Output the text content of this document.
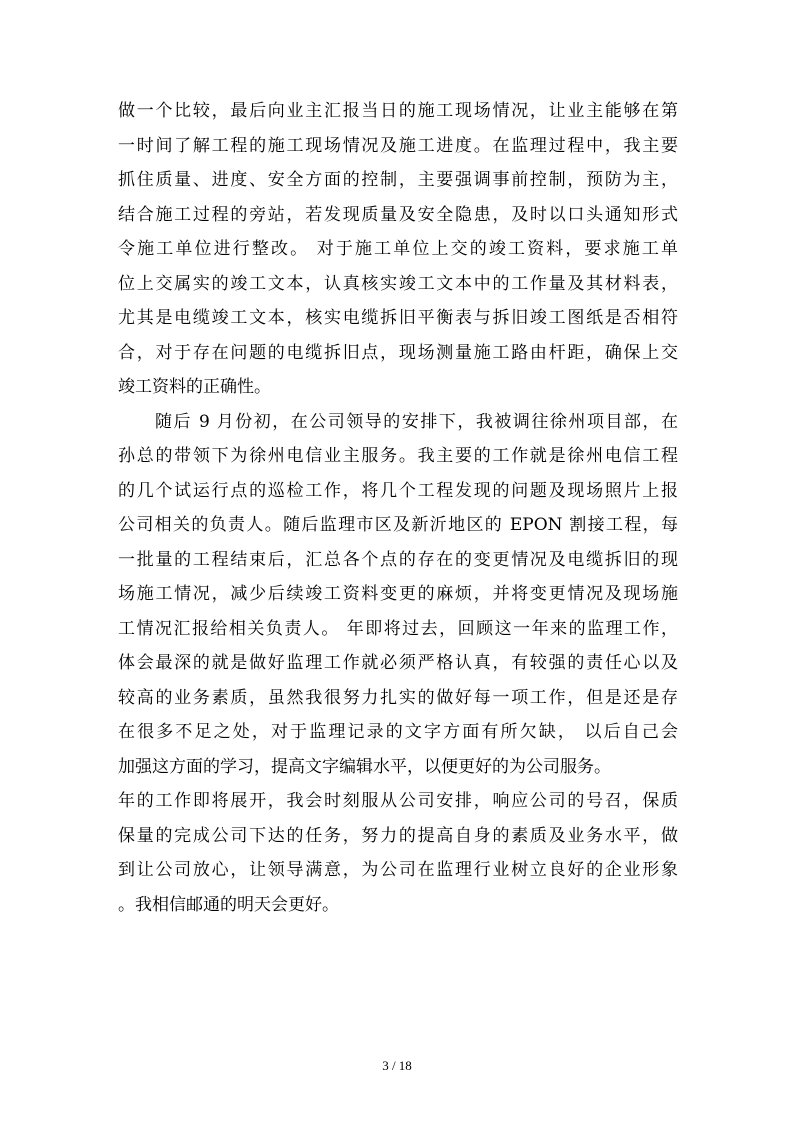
做一个比较，最后向业主汇报当日的施工现场情况，让业主能够在第
一时间了解工程的施工现场情况及施工进度。在监理过程中，我主要
抓住质量、进度、安全方面的控制，主要强调事前控制，预防为主，
结合施工过程的旁站，若发现质量及安全隐患，及时以口头通知形式
令施工单位进行整改。 对于施工单位上交的竣工资料，要求施工单
位上交属实的竣工文本，认真核实竣工文本中的工作量及其材料表，
尤其是电缆竣工文本，核实电缆拆旧平衡表与拆旧竣工图纸是否相符
合，对于存在问题的电缆拆旧点，现场测量施工路由杆距，确保上交
竣工资料的正确性。
　　随后 9 月份初，在公司领导的安排下，我被调往徐州项目部，在
孙总的带领下为徐州电信业主服务。我主要的工作就是徐州电信工程
的几个试运行点的巡检工作，将几个工程发现的问题及现场照片上报
公司相关的负责人。随后监理市区及新沂地区的 EPON 割接工程，每
一批量的工程结束后，汇总各个点的存在的变更情况及电缆拆旧的现
场施工情况，减少后续竣工资料变更的麻烦，并将变更情况及现场施
工情况汇报给相关负责人。 年即将过去，回顾这一年来的监理工作，
体会最深的就是做好监理工作就必须严格认真，有较强的责任心以及
较高的业务素质，虽然我很努力扎实的做好每一项工作，但是还是存
在很多不足之处，对于监理记录的文字方面有所欠缺， 以后自己会
加强这方面的学习，提高文字编辑水平，以便更好的为公司服务。
年的工作即将展开，我会时刻服从公司安排，响应公司的号召，保质
保量的完成公司下达的任务，努力的提高自身的素质及业务水平，做
到让公司放心，让领导满意，为公司在监理行业树立良好的企业形象
。我相信邮通的明天会更好。
3 / 18
